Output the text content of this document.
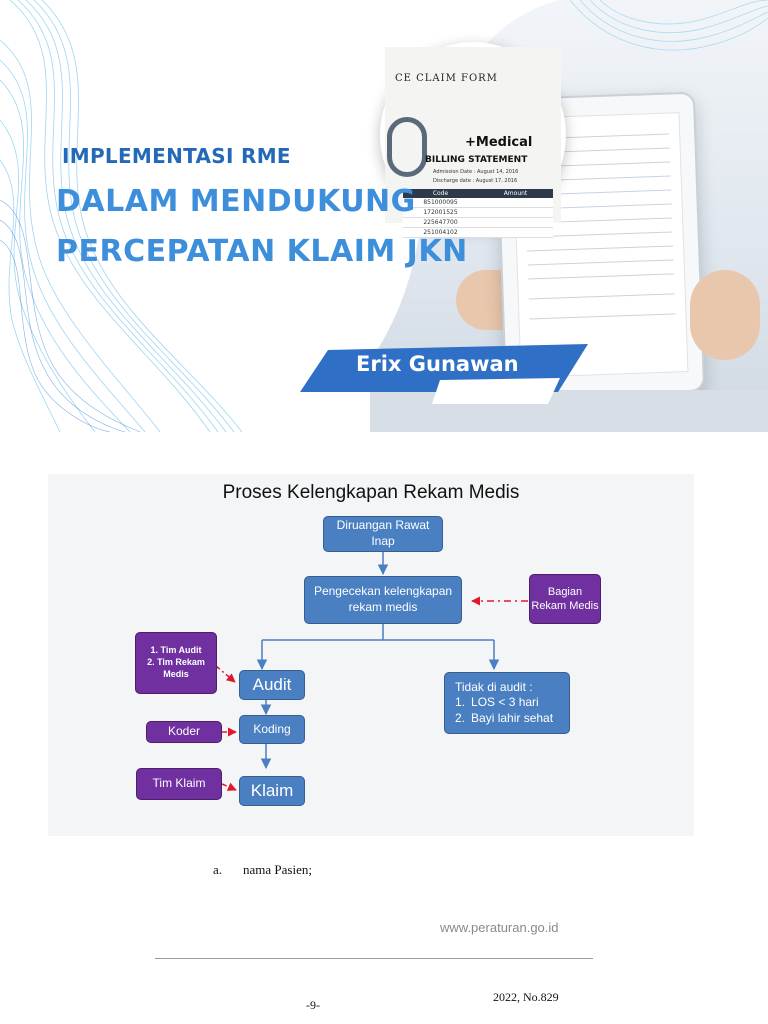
CE CLAIM FORM
+Medical
BILLING STATEMENT
Admission Date : August 14, 2016
Discharge date : August 17, 2016
Code	Amount
851000095
172001525
225647700
251004102
IMPLEMENTASI RME
DALAM MENDUKUNG
PERCEPATAN KLAIM JKN
oleh:
Erix Gunawan
Proses Kelengkapan Rekam Medis
Diruangan Rawat Inap
Pengecekan kelengkapan rekam medis
Bagian Rekam Medis
1. Tim Audit
2. Tim Rekam Medis
Audit	Tidak di audit :
1. LOS < 3 hari
2. Bayi lahir sehat
Koder	Koding
Tim Klaim	Klaim
a. nama Pasien;
www.peraturan.go.id
-9-
2022, No.829
